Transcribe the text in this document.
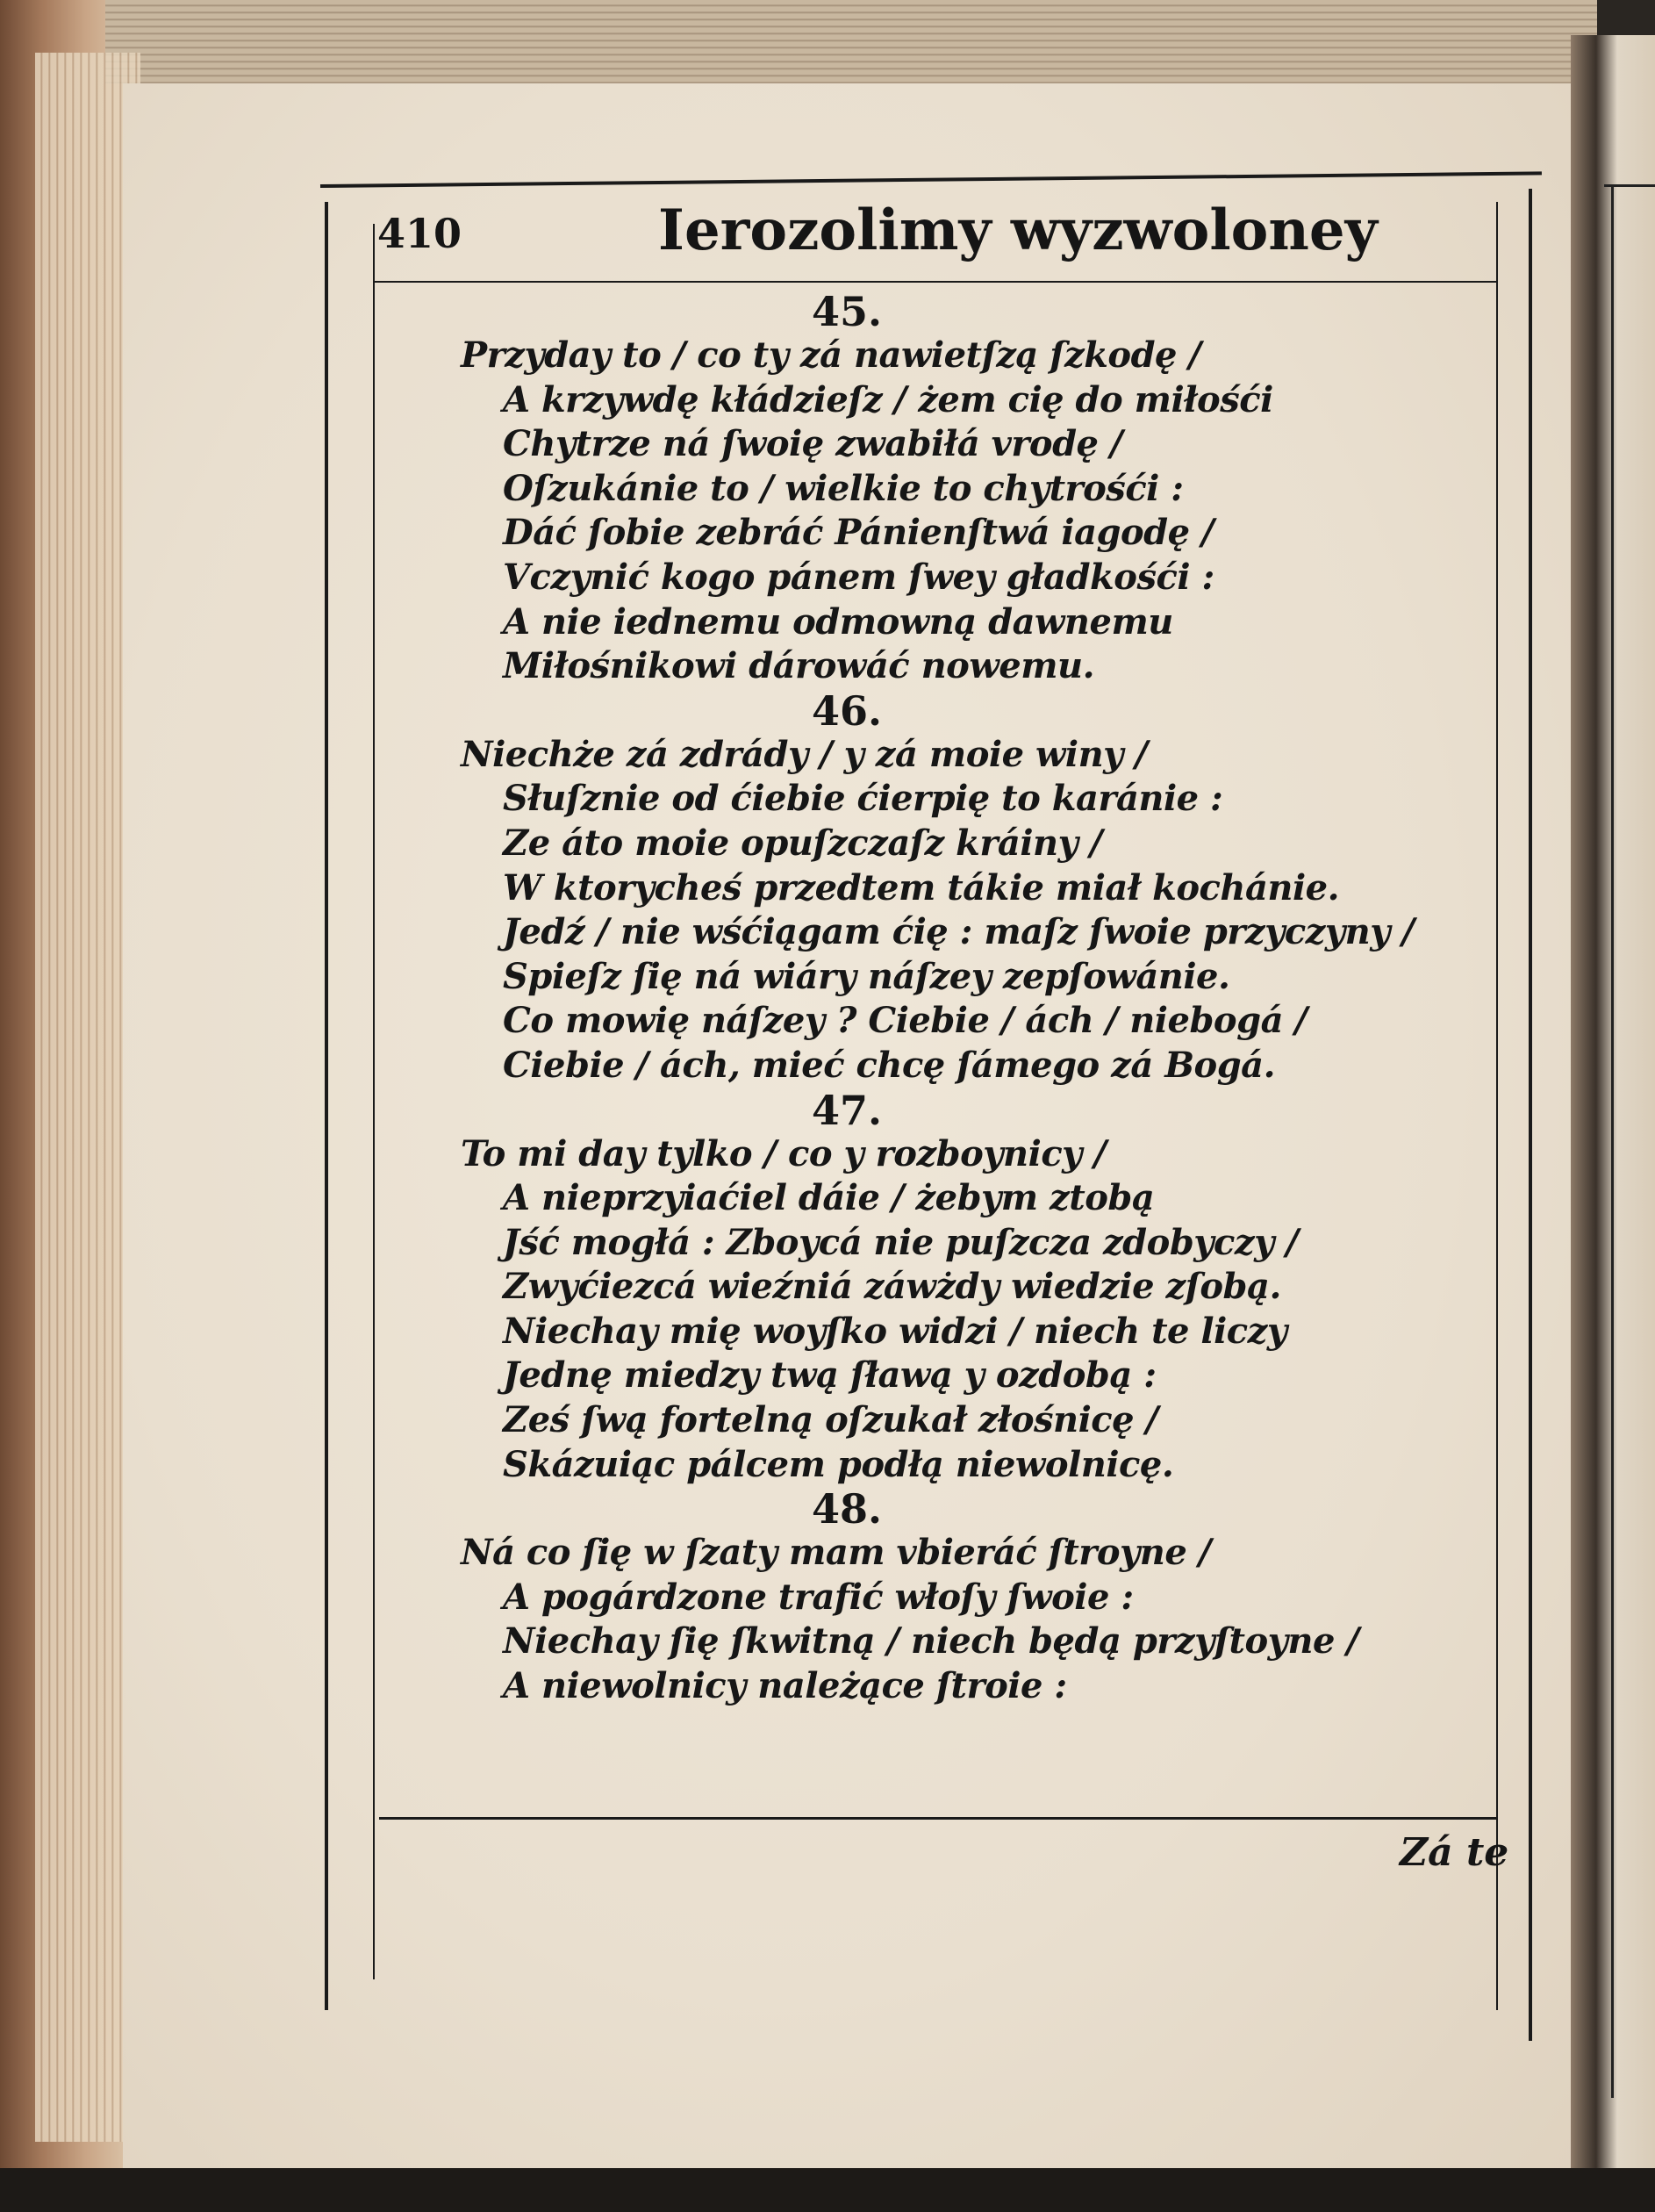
410	Ierozolimy wyzwoloney
45.
Przyday to / co ty zá nawietſzą ſzkodę /
A krzywdę kłádzieſz / żem cię do miłośći
Chytrze ná ſwoię zwabiłá vrodę /
Oſzukánie to / wielkie to chytrośći :
Dáć ſobie zebráć Pánienſtwá iagodę /
Vczynić kogo pánem ſwey gładkośći :
A nie iednemu odmowną dawnemu
Miłośnikowi dárowáć nowemu.
46.
Niechże zá zdrády / y zá moie winy /
Słuſznie od ćiebie ćierpię to karánie :
Ze áto moie opuſzczaſz kráiny /
W ktorycheś przedtem tákie miał kochánie.
Jedź / nie wśćiągam ćię : maſz ſwoie przyczyny /
Spieſz ſię ná wiáry náſzey zepſowánie.
Co mowię náſzey ? Ciebie / ách / niebogá /
Ciebie / ách, mieć chcę ſámego zá Bogá.
47.
To mi day tylko / co y rozboynicy /
A nieprzyiaćiel dáie / żebym ztobą
Jść mogłá : Zboycá nie puſzcza zdobyczy /
Zwyćiezcá wieźniá záwżdy wiedzie zſobą.
Niechay mię woyſko widzi / niech te liczy
Jednę miedzy twą ſławą y ozdobą :
Ześ ſwą fortelną oſzukał złośnicę /
Skázuiąc pálcem podłą niewolnicę.
48.
Ná co ſię w ſzaty mam vbieráć ſtroyne /
A pogárdzone trafić włoſy ſwoie :
Niechay ſię ſkwitną / niech będą przyſtoyne /
A niewolnicy należące ſtroie :
Zá te
